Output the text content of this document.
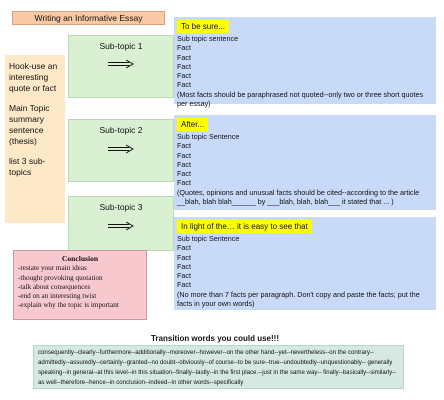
Writing an Informative Essay

Hook-use an interesting quote or fact

Main Topic summary sentence (thesis)

list 3 sub-topics

Sub-topic 1
To be sure...
Sub topic sentence
Fact
Fact
Fact
Fact
Fact
(Most facts should be paraphrased not quoted--only two or three short quotes per essay)
Sub-topic 2
After...
Sub topic Sentence
Fact
Fact
Fact
Fact
Fact
(Quotes, opinions and unusual facts should be cited--according to the article __blah, blah blah______ by ___blah, blah, blah___ it stated that ... )
Sub-topic 3
In light of the… it is easy to see that
Sub topic Sentence
Fact
Fact
Fact
Fact
Fact
(No more than 7 facts per paragraph. Don't copy and paste the facts; put the facts in your own words)
Conclusion
-restate your main ideas
-thought provoking quotation
-talk about consequences
-end on an interesting twist
-explain why the topic is important
Transition words you could use!!!
consequently--clearly--furthermore--additionally--moreover--however--on the other hand--yet--nevertheless--on the contrary--admittedly--assuredly--certainly--granted--no doubt--obviously--of course--to be sure--true--undoubtedly--unquestionably-- generally speaking--in general--at this level--in this situation--finally--lastly--in the first place.--just in the same way-- finally--basically--similarly--as well--therefore--hence--in conclusion--indeed--in other words--specifically
